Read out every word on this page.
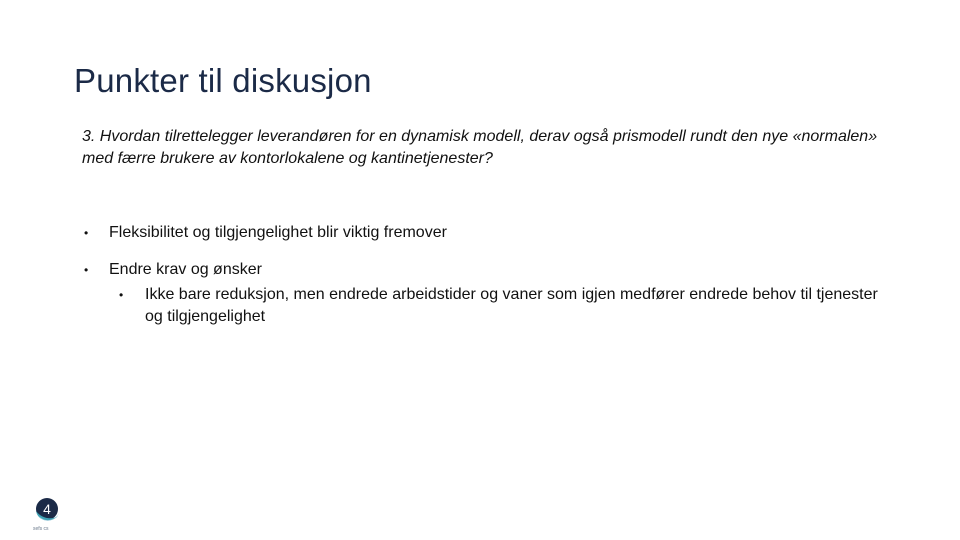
Punkter til diskusjon
3. Hvordan tilrettelegger leverandøren for en dynamisk modell, derav også prismodell rundt den nye «normalen» med færre brukere av kontorlokalene og kantinetjenester?
• Fleksibilitet og tilgjengelighet blir viktig fremover
• Endre krav og ønsker
• Ikke bare reduksjon, men endrede arbeidstider og vaner som igjen medfører endrede behov til tjenester og tilgjengelighet
4
sefs cs
